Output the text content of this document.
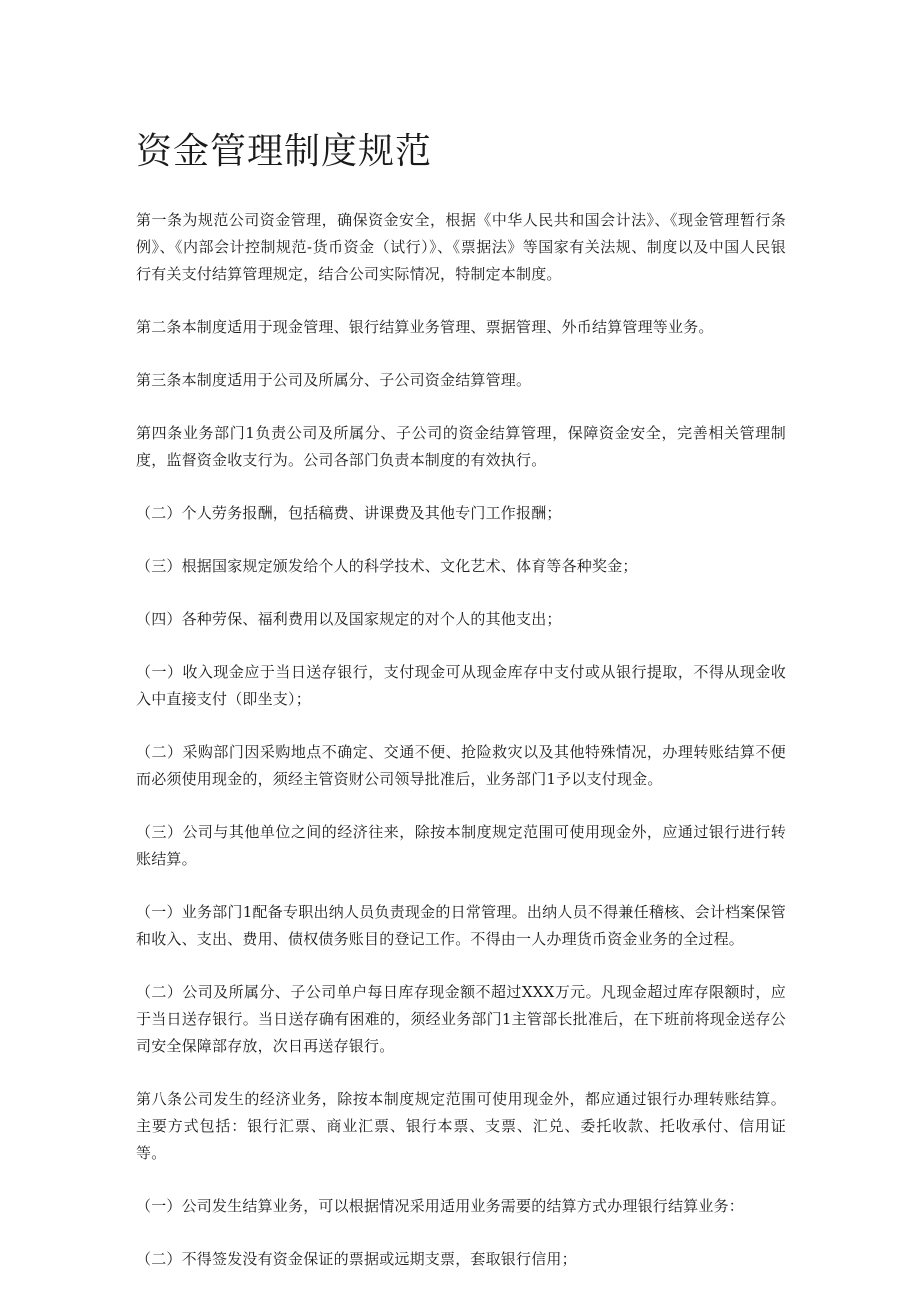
资金管理制度规范

第一条为规范公司资金管理，确保资金安全，根据《中华人民共和国会计法》、《现金管理暂行条例》、《内部会计控制规范-货币资金（试行）》、《票据法》等国家有关法规、制度以及中国人民银行有关支付结算管理规定，结合公司实际情况，特制定本制度。

第二条本制度适用于现金管理、银行结算业务管理、票据管理、外币结算管理等业务。

第三条本制度适用于公司及所属分、子公司资金结算管理。

第四条业务部门1负责公司及所属分、子公司的资金结算管理，保障资金安全，完善相关管理制度，监督资金收支行为。公司各部门负责本制度的有效执行。

（二）个人劳务报酬，包括稿费、讲课费及其他专门工作报酬；

（三）根据国家规定颁发给个人的科学技术、文化艺术、体育等各种奖金；

（四）各种劳保、福利费用以及国家规定的对个人的其他支出；

（一）收入现金应于当日送存银行，支付现金可从现金库存中支付或从银行提取，不得从现金收入中直接支付（即坐支）；

（二）采购部门因采购地点不确定、交通不便、抢险救灾以及其他特殊情况，办理转账结算不便而必须使用现金的，须经主管资财公司领导批准后，业务部门1予以支付现金。

（三）公司与其他单位之间的经济往来，除按本制度规定范围可使用现金外，应通过银行进行转账结算。

（一）业务部门1配备专职出纳人员负责现金的日常管理。出纳人员不得兼任稽核、会计档案保管和收入、支出、费用、债权债务账目的登记工作。不得由一人办理货币资金业务的全过程。

（二）公司及所属分、子公司单户每日库存现金额不超过XXX万元。凡现金超过库存限额时，应于当日送存银行。当日送存确有困难的，须经业务部门1主管部长批准后，在下班前将现金送存公司安全保障部存放，次日再送存银行。

第八条公司发生的经济业务，除按本制度规定范围可使用现金外，都应通过银行办理转账结算。主要方式包括：银行汇票、商业汇票、银行本票、支票、汇兑、委托收款、托收承付、信用证等。

（一）公司发生结算业务，可以根据情况采用适用业务需要的结算方式办理银行结算业务：

（二）不得签发没有资金保证的票据或远期支票，套取银行信用；
